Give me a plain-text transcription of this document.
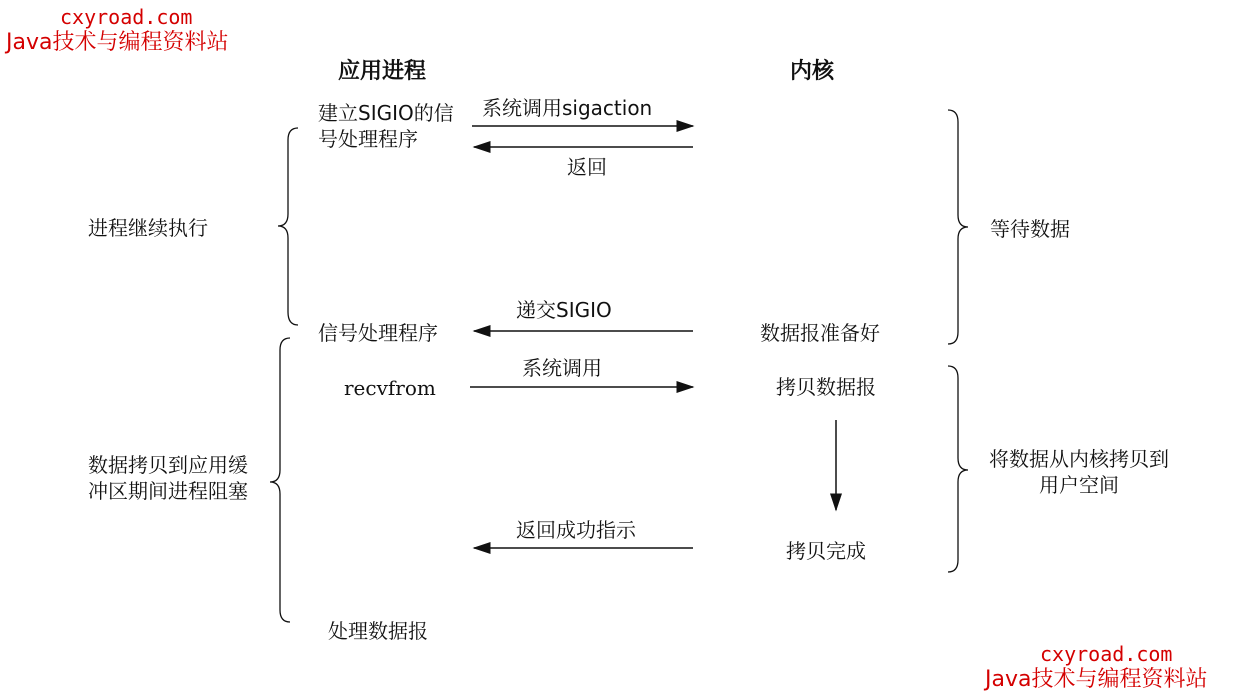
cxyroad.com
Java技术与编程资料站
cxyroad.com
Java技术与编程资料站
应用进程	内核
进程继续执行
数据拷贝到应用缓冲区期间进程阻塞
等待数据
将数据从内核拷贝到用户空间
建立SIGIO的信号处理程序
信号处理程序
recvfrom
处理数据报
系统调用sigaction
返回
递交SIGIO
系统调用
返回成功指示
数据报准备好
拷贝数据报
拷贝完成
